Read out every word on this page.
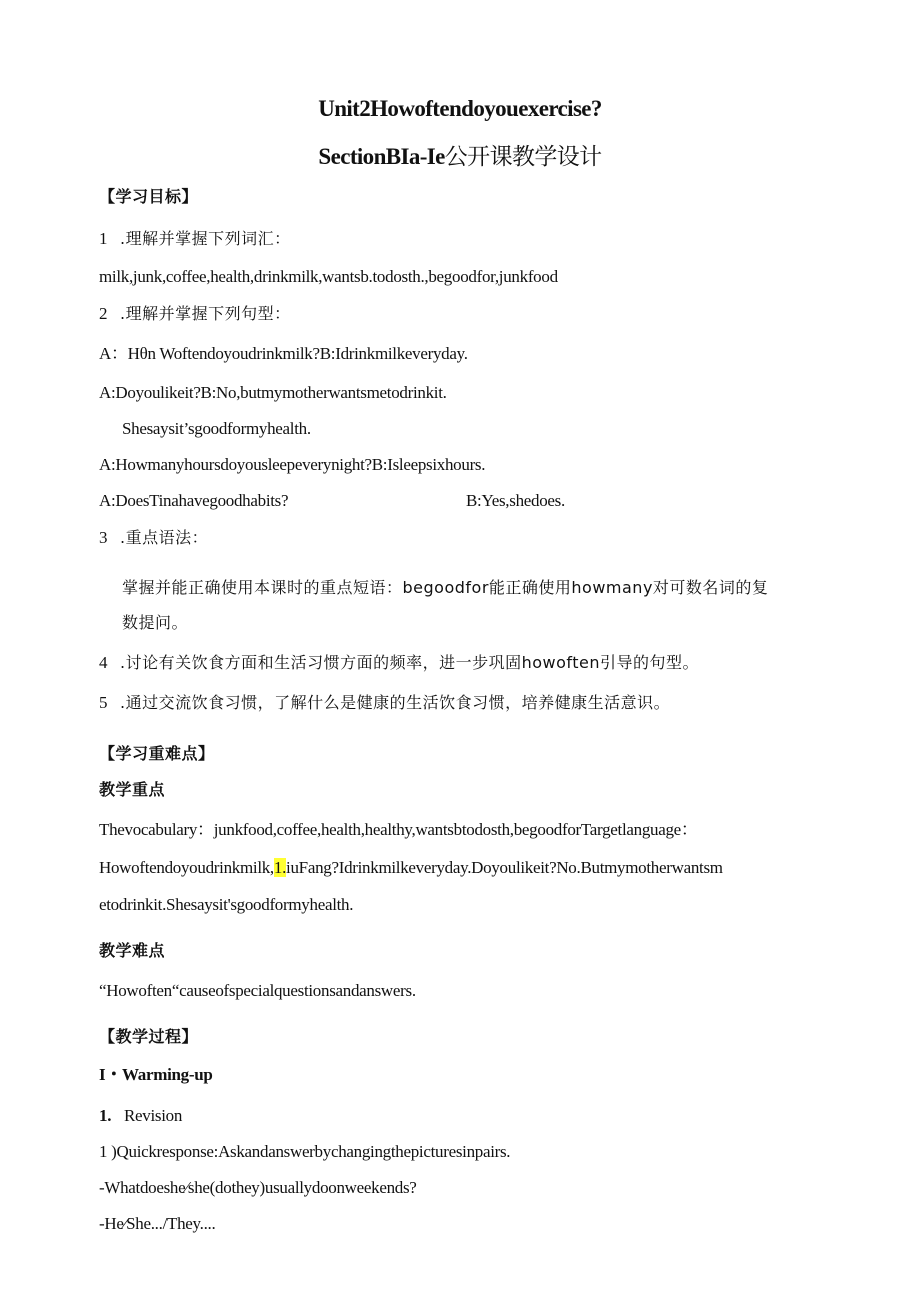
Unit2Howoftendoyouexercise?
SectionBIa-Ie公开课教学设计
【学习目标】
1 .理解并掌握下列词汇：
milk,junk,coffee,health,drinkmilk,wantsb.todosth.,begoodfor,junkfood
2 .理解并掌握下列句型：
A：Hθn Woftendoyoudrinkmilk?B:Idrinkmilkeveryday.
A:Doyoulikeit?B:No,butmymotherwantsmetodrinkit.
Shesaysit’sgoodformyhealth.
A:Howmanyhoursdoyousleepeverynight?B:Isleepsixhours.
A:DoesTinahavegoodhabits?	B:Yes,shedoes.
3 .重点语法：
掌握并能正确使用本课时的重点短语：begoodfor能正确使用howmany对可数名词的复
数提问。
4 .讨论有关饮食方面和生活习惯方面的频率，进一步巩固howoften引导的句型。
5 .通过交流饮食习惯，了解什么是健康的生活饮食习惯，培养健康生活意识。
【学习重难点】
教学重点
Thevocabulary：junkfood,coffee,health,healthy,wantsbtodosth,begoodforTargetlanguage：
Howoftendoyoudrinkmilk,1.iuFang?Idrinkmilkeveryday.Doyoulikeit?No.Butmymotherwantsm
etodrinkit.Shesaysit'sgoodformyhealth.
教学难点
“Howoften“causeofspecialquestionsandanswers.
【教学过程】
I・Warming-up
1. Revision
1 )Quickresponse:Askandanswerbychangingthepicturesinpairs.
-Whatdoeshe⁄she(dothey)usuallydoonweekends?
-He⁄She.../They....
